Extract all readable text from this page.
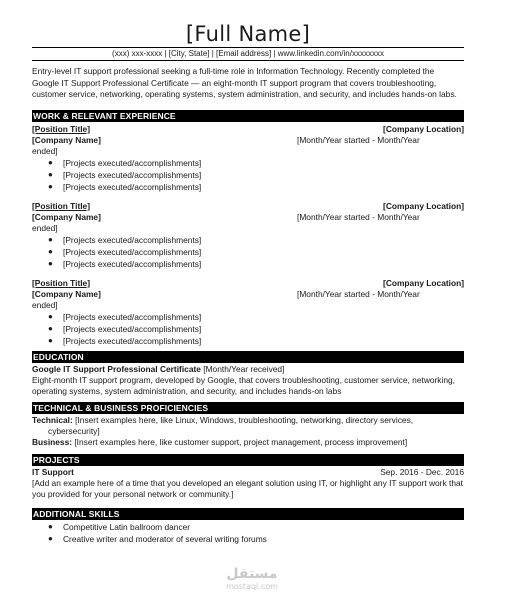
[Full Name]
(xxx) xxx-xxxx | [City, State] | [Email address] | www.linkedin.com/in/xxxxxxxx
Entry-level IT support professional seeking a full-time role in Information Technology. Recently completed the Google IT Support Professional Certificate — an eight-month IT support program that covers troubleshooting, customer service, networking, operating systems, system administration, and security, and includes hands-on labs.
WORK & RELEVANT EXPERIENCE
[Position Title]	[Company Location]
[Company Name]	[Month/Year started - Month/Year
ended]
● [Projects executed/accomplishments]
● [Projects executed/accomplishments]
● [Projects executed/accomplishments]
[Position Title]	[Company Location]
[Company Name]	[Month/Year started - Month/Year
ended]
● [Projects executed/accomplishments]
● [Projects executed/accomplishments]
● [Projects executed/accomplishments]
[Position Title]	[Company Location]
[Company Name]	[Month/Year started - Month/Year
ended]
● [Projects executed/accomplishments]
● [Projects executed/accomplishments]
● [Projects executed/accomplishments]
EDUCATION
Google IT Support Professional Certificate [Month/Year received]
Eight-month IT support program, developed by Google, that covers troubleshooting, customer service, networking, operating systems, system administration, and security, and includes hands-on labs
TECHNICAL & BUSINESS PROFICIENCIES
Technical: [Insert examples here, like Linux, Windows, troubleshooting, networking, directory services,
cybersecurity]
Business: [Insert examples here, like customer support, project management, process improvement]
PROJECTS
IT Support	Sep. 2016 - Dec. 2016
[Add an example here of a time that you developed an elegant solution using IT, or highlight any IT support work that you provided for your personal network or community.]
ADDITIONAL SKILLS
● Competitive Latin ballroom dancer
● Creative writer and moderator of several writing forums
مستقل
mostaql.com
